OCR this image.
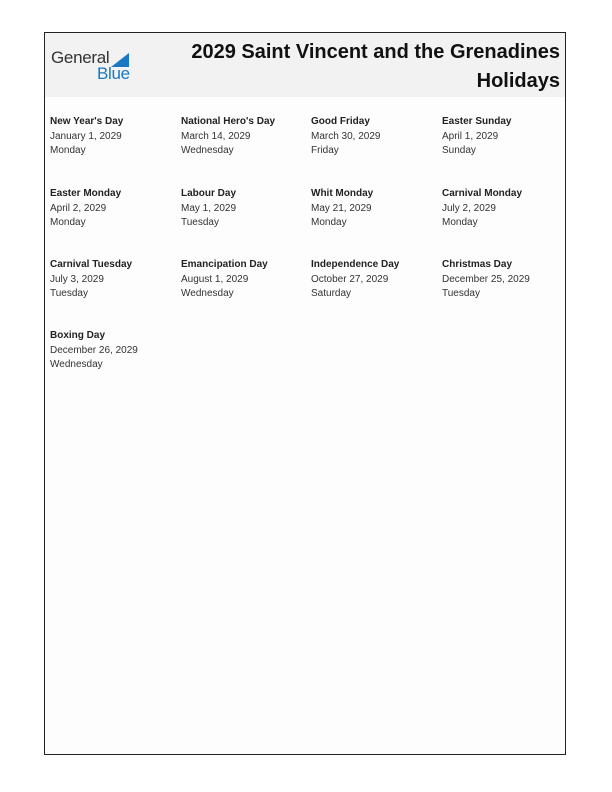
General
Blue
2029 Saint Vincent and the Grenadines Holidays
New Year's Day
January 1, 2029
Monday
National Hero's Day
March 14, 2029
Wednesday
Good Friday
March 30, 2029
Friday
Easter Sunday
April 1, 2029
Sunday
Easter Monday
April 2, 2029
Monday
Labour Day
May 1, 2029
Tuesday
Whit Monday
May 21, 2029
Monday
Carnival Monday
July 2, 2029
Monday
Carnival Tuesday
July 3, 2029
Tuesday
Emancipation Day
August 1, 2029
Wednesday
Independence Day
October 27, 2029
Saturday
Christmas Day
December 25, 2029
Tuesday
Boxing Day
December 26, 2029
Wednesday
